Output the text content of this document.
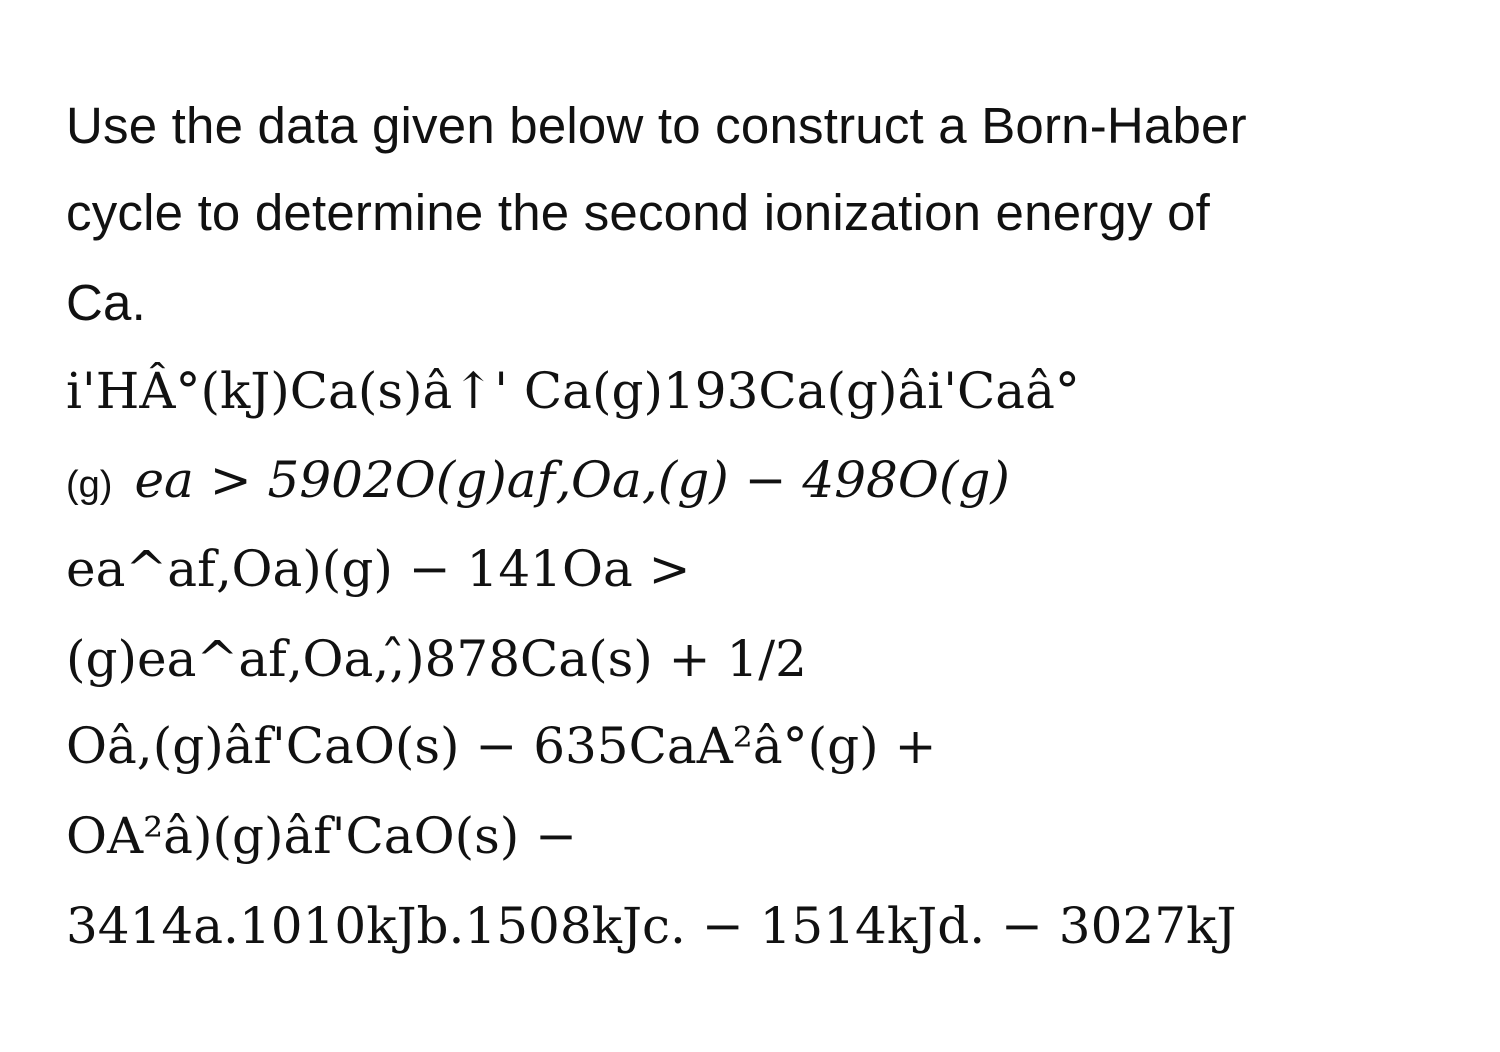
Use the data given below to construct a Born-Haber
cycle to determine the second ionization energy of
Ca.
i'HÂ°(kJ)Ca(s)â↑' Ca(g)193Ca(g)âi'Caâ°
(g) ea > 5902O(g)af‚Oa,(g) − 498O(g)
ea^af‚Oa)(g) − 141Oa >
(g)ea^af‚Oa,,̂)878Ca(s) + 1/2
Oâ,(g)âf'CaO(s) − 635CaA²â°(g) +
OA²â)(g)âf'CaO(s) −
3414a.1010kJb.1508kJc. − 1514kJd. − 3027kJ
